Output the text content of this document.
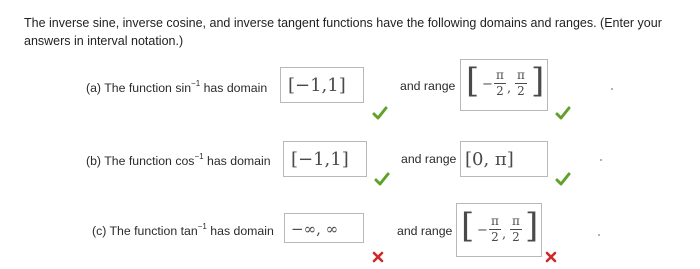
The inverse sine, inverse cosine, and inverse tangent functions have the following domains and ranges. (Enter your answers in interval notation.)
(a) The function $\sin^{-1}$ has domain [−1,1]	and range [ − $\frac{\pi}{2}$ , $\frac{\pi}{2}$ ]
(b) The function $\cos^{-1}$ has domain [−1,1]	and range [0, π]
(c) The function $\tan^{-1}$ has domain −∞, ∞	and range [ − $\frac{\pi}{2}$ , $\frac{\pi}{2}$ ]
